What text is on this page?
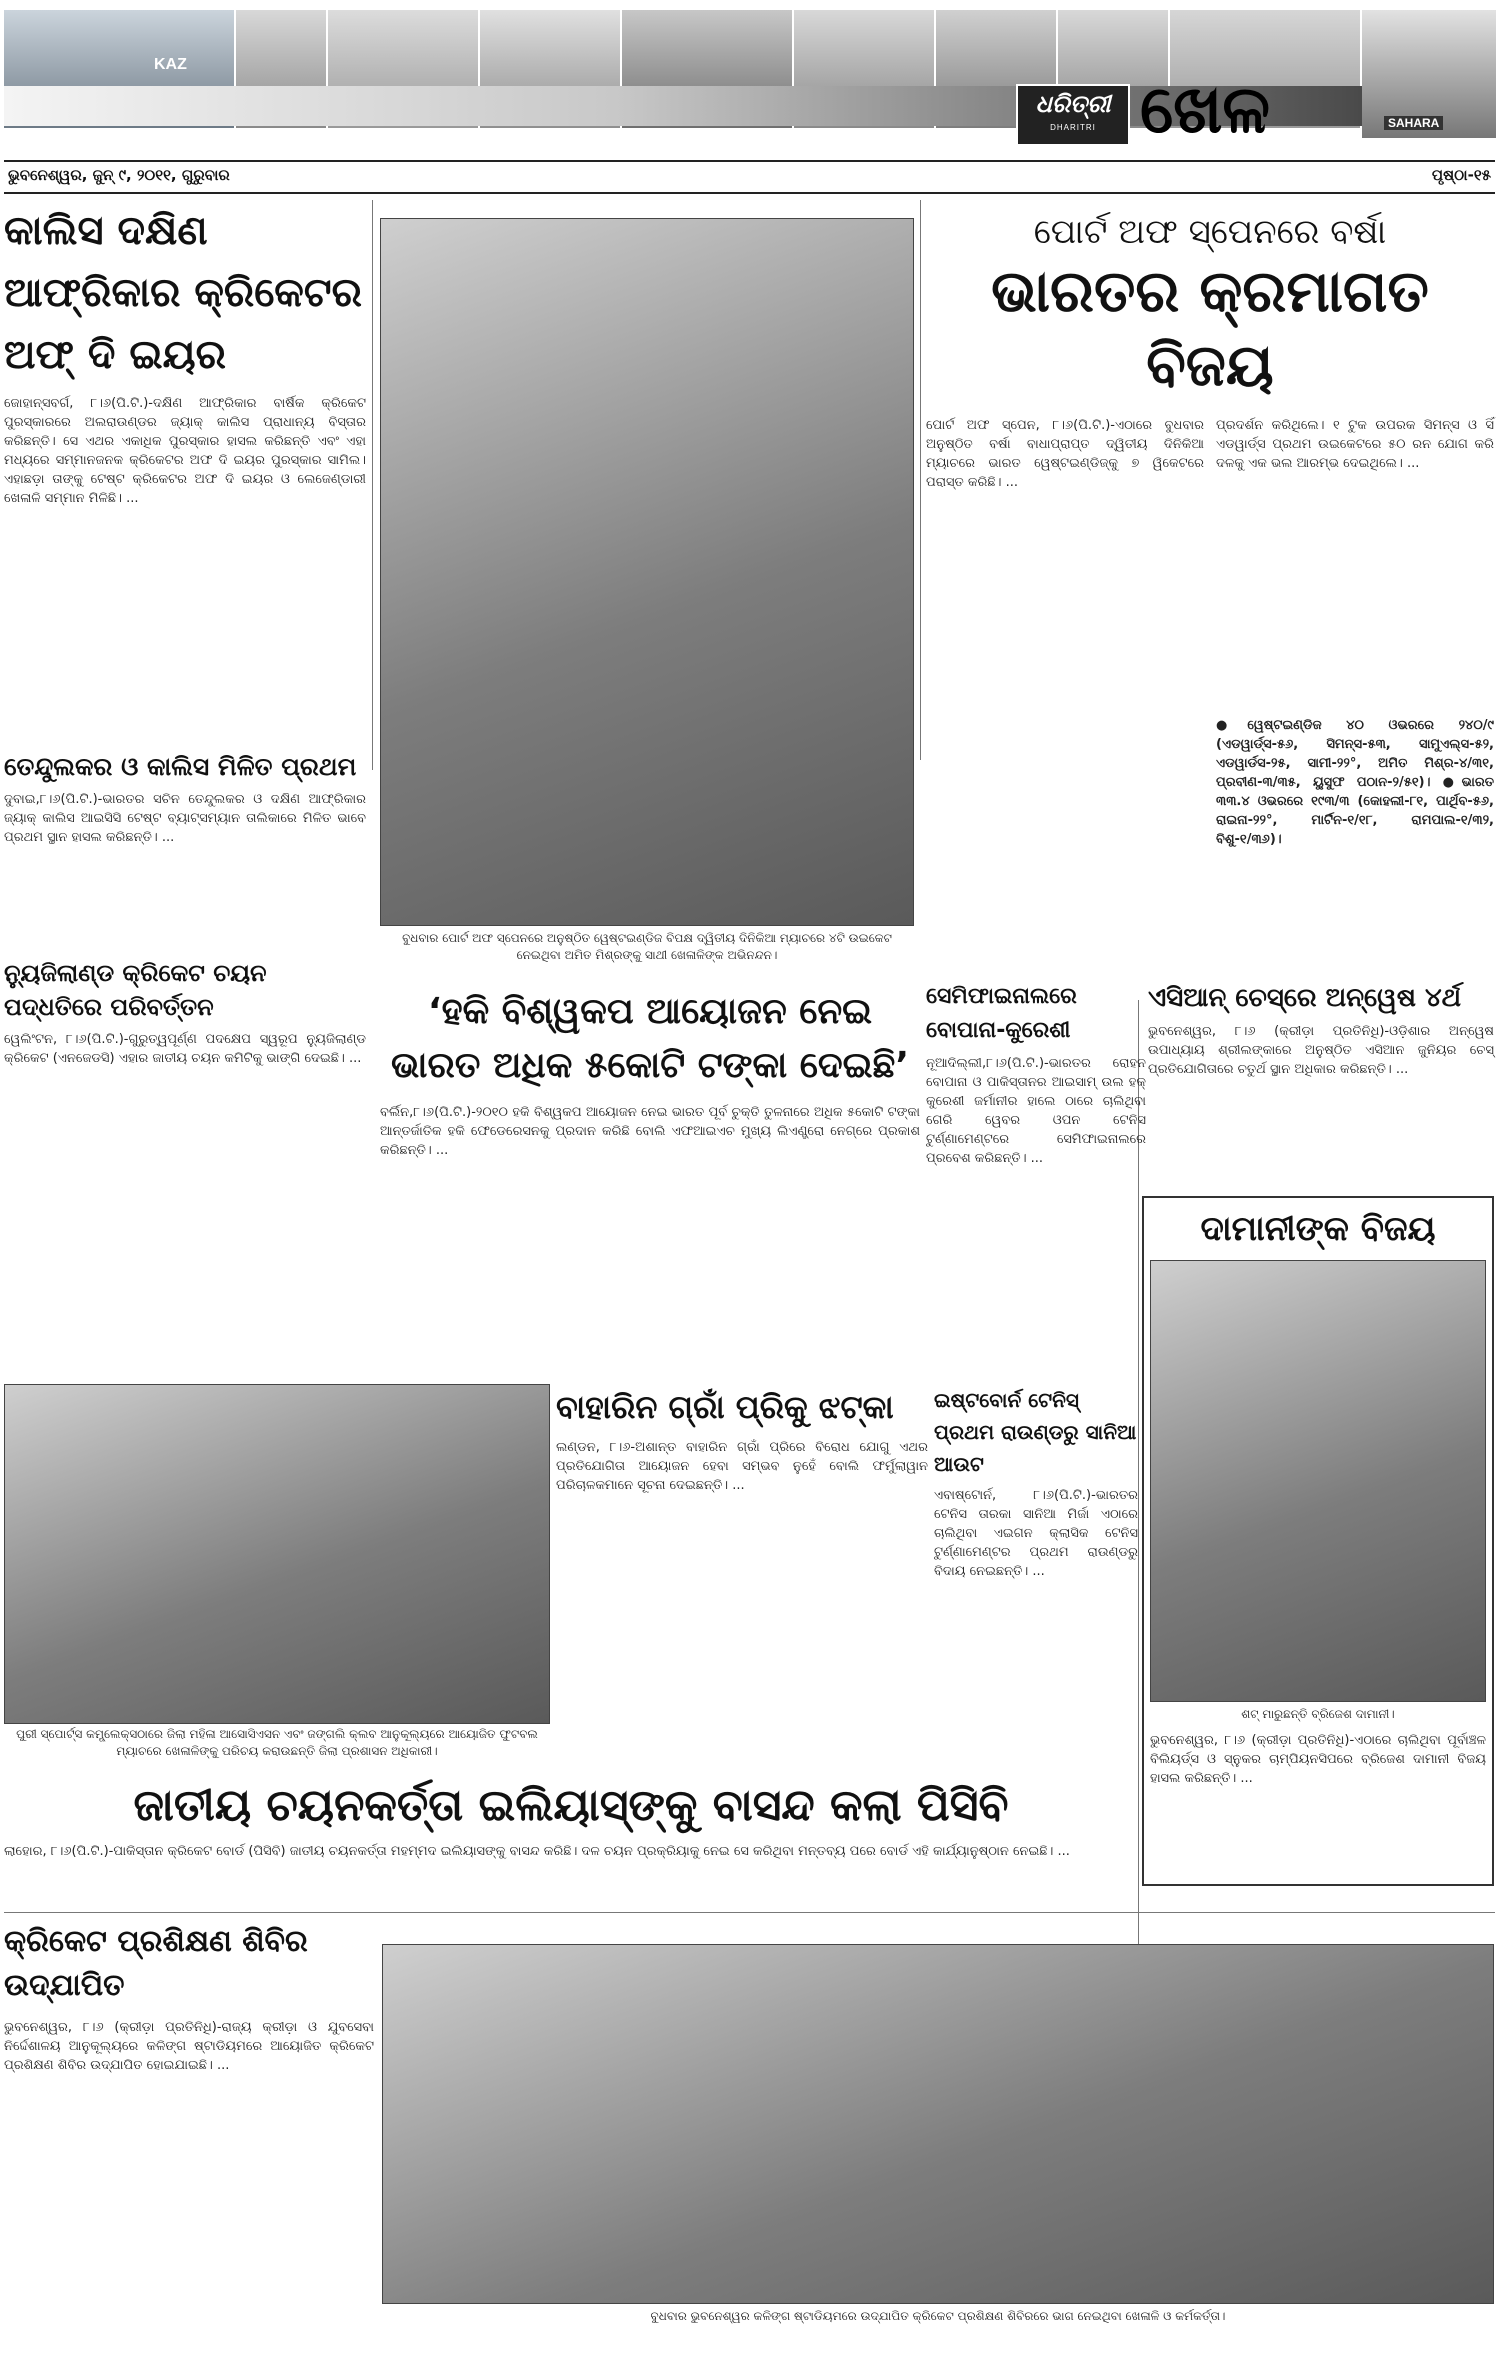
KAZ
SAHARA
ଧରିତ୍ରୀ
DHARITRI ଖେଳ
ଭୁବନେଶ୍ୱର, ଜୁନ୍ ୯, ୨୦୧୧, ଗୁରୁବାର	ପୃଷ୍ଠା-୧୫
କାଲିସ ଦକ୍ଷିଣ ଆଫ୍ରିକାର କ୍ରିକେଟର ଅଫ୍ ଦି ଇୟର
ଜୋହାନ୍ସବର୍ଗ, ୮।୬(ପି.ଟି.)-ଦକ୍ଷିଣ ଆଫ୍ରିକାର ବାର୍ଷିକ କ୍ରିକେଟ ପୁରସ୍କାରରେ ଅଲରାଉଣ୍ଡର ଜ୍ୟାକ୍ କାଲିସ ପ୍ରାଧାନ୍ୟ ବିସ୍ତାର କରିଛନ୍ତି। ସେ ଏଥର ଏକାଧିକ ପୁରସ୍କାର ହାସଲ କରିଛନ୍ତି ଏବଂ ଏହା ମଧ୍ୟରେ ସମ୍ମାନଜନକ କ୍ରିକେଟର ଅଫ ଦି ଇୟର ପୁରସ୍କାର ସାମିଲ। ଏହାଛଡ଼ା ତାଙ୍କୁ ଟେଷ୍ଟ କ୍ରିକେଟର ଅଫ ଦି ଇୟର ଓ ଲେଜେଣ୍ଡାରୀ ଖେଳାଳି ସମ୍ମାନ ମିଳିଛି। ...
ତେନ୍ଦୁଲକର ଓ କାଲିସ ମିଳିତ ପ୍ରଥମ
ଦୁବାଇ,୮।୬(ପି.ଟି.)-ଭାରତର ସଚିନ ତେନ୍ଦୁଲକର ଓ ଦକ୍ଷିଣ ଆଫ୍ରିକାର ଜ୍ୟାକ୍ କାଲିସ ଆଇସିସି ଟେଷ୍ଟ ବ୍ୟାଟ୍ସମ୍ୟାନ ତାଲିକାରେ ମିଳିତ ଭାବେ ପ୍ରଥମ ସ୍ଥାନ ହାସଲ କରିଛନ୍ତି। ...
ନ୍ୟୁଜିଲାଣ୍ଡ କ୍ରିକେଟ ଚୟନ ପଦ୍ଧତିରେ ପରିବର୍ତ୍ତନ
ୱେଲିଂଟନ, ୮।୬(ପି.ଟି.)-ଗୁରୁତ୍ୱପୂର୍ଣ୍ଣ ପଦକ୍ଷେପ ସ୍ୱରୂପ ନ୍ୟୁଜିଲାଣ୍ଡ କ୍ରିକେଟ (ଏନଜେଡସି) ଏହାର ଜାତୀୟ ଚୟନ କମିଟିକୁ ଭାଙ୍ଗି ଦେଇଛି। ...
ବୁଧବାର ପୋର୍ଟ ଅଫ ସ୍ପେନରେ ଅନୁଷ୍ଠିତ ୱେଷ୍ଟଇଣ୍ଡିଜ ବିପକ୍ଷ ଦ୍ୱିତୀୟ ଦିନିକିଆ ମ୍ୟାଚରେ ୪ଟି ଉଇକେଟ ନେଇଥିବା ଅମିତ ମିଶ୍ରଙ୍କୁ ସାଥୀ ଖେଳାଳିଙ୍କ ଅଭିନନ୍ଦନ।
ପୋର୍ଟ ଅଫ ସ୍ପେନରେ ବର୍ଷା
ଭାରତର କ୍ରମାଗତ ବିଜୟ
ପୋର୍ଟ ଅଫ ସ୍ପେନ, ୮।୬(ପି.ଟି.)-ଏଠାରେ ବୁଧବାର ଅନୁଷ୍ଠିତ ବର୍ଷା ବାଧାପ୍ରାପ୍ତ ଦ୍ୱିତୀୟ ଦିନିକିଆ ମ୍ୟାଚରେ ଭାରତ ୱେଷ୍ଟଇଣ୍ଡିଜ୍‌କୁ ୭ ୱିକେଟରେ ପରାସ୍ତ କରିଛି। ...
ପ୍ରଦର୍ଶନ କରିଥିଲେ। ୧ ଟୁକ ଉପରକ ସିମନ୍ସ ଓ ସିଁ ଏଡୱାର୍ଡ୍‌ସ ପ୍ରଥମ ଉଇକେଟରେ ୫୦ ରନ ଯୋଗ କରି ଦଳକୁ ଏକ ଭଲ ଆରମ୍ଭ ଦେଇଥିଲେ। ...
●ୱେଷ୍ଟଇଣ୍ଡିଜ ୪୦ ଓଭରରେ ୨୪୦/୯ (ଏଡୱାର୍ଡ୍‌ସ-୫୬, ସିମନ୍ସ-୫୩, ସାମୁଏଲ୍ସ-୫୨, ଏଡୱାର୍ଡସ-୨୫, ସାମୀ-୨୨°, ଅମିତ ମିଶ୍ର-୪/୩୧, ପ୍ରବୀଣ-୩/୩୫, ୟୁସୁଫ ପଠାନ-୨/୫୧)। ●ଭାରତ ୩୩.୪ ଓଭରରେ ୧୯୩/୩ (କୋହଲୀ-୮୧, ପାର୍ଥିବ-୫୬, ରାଇନା-୨୨°, ମାର୍ଟିନ-୧/୧୮, ରାମପାଲ-୧/୩୨, ବିଶୁ-୧/୩୬)।
ସେମିଫାଇନାଲରେ ବୋପାନା-କୁରେଶୀ
ନୂଆଦିଲ୍ଲୀ,୮।୬(ପି.ଟି.)-ଭାରତର ରୋହନ ବୋପାନା ଓ ପାକିସ୍ତାନର ଆଇସାମ୍ ଉଲ ହକ୍ କୁରେଶୀ ଜର୍ମାନୀର ହାଲେ ଠାରେ ଚାଲିଥିବା ଗେରି ୱେବର ଓପନ ଟେନିସ ଟୁର୍ଣ୍ଣାମେଣ୍ଟରେ ସେମିଫାଇନାଲରେ ପ୍ରବେଶ କରିଛନ୍ତି। ...
ଏସିଆନ୍ ଚେସ୍‌ରେ ଅନ୍ୱେଷ ୪ର୍ଥ
ଭୁବନେଶ୍ୱର, ୮।୬ (କ୍ରୀଡ଼ା ପ୍ରତିନିଧି)-ଓଡ଼ିଶାର ଅନ୍ୱେଷ ଉପାଧ୍ୟାୟ ଶ୍ରୀଲଙ୍କାରେ ଅନୁଷ୍ଠିତ ଏସିଆନ ଜୁନିୟର ଚେସ୍ ପ୍ରତିଯୋଗିତାରେ ଚତୁର୍ଥ ସ୍ଥାନ ଅଧିକାର କରିଛନ୍ତି। ...
‘ହକି ବିଶ୍ୱକପ ଆୟୋଜନ ନେଇ ଭାରତ ଅଧିକ ୫କୋଟି ଟଙ୍କା ଦେଇଛି’
ବର୍ଲିନ,୮।୬(ପି.ଟି.)-୨୦୧୦ ହକି ବିଶ୍ୱକପ ଆୟୋଜନ ନେଇ ଭାରତ ପୂର୍ବ ଚୁକ୍ତି ତୁଳନାରେ ଅଧିକ ୫କୋଟି ଟଙ୍କା ଆନ୍ତର୍ଜାତିକ ହକି ଫେଡେରେସନକୁ ପ୍ରଦାନ କରିଛି ବୋଲି ଏଫଆଇଏଚ ମୁଖ୍ୟ ଲିଏଣ୍ଡ୍ରୋ ନେଗ୍ରେ ପ୍ରକାଶ କରିଛନ୍ତି। ...
ପୁରୀ ସ୍ପୋର୍ଟ୍ସ କମ୍ପ୍ଲେକ୍ସଠାରେ ଜିଲା ମହିଳା ଆସୋସିଏସନ ଏବଂ ଜଙ୍ଗଲି କ୍ଲବ ଆନୁକୂଲ୍ୟରେ ଆୟୋଜିତ ଫୁଟବଲ ମ୍ୟାଚରେ ଖେଳାଳିଙ୍କୁ ପରିଚୟ କରାଉଛନ୍ତି ଜିଲା ପ୍ରଶାସନ ଅଧିକାରୀ।
ବାହାରିନ ଗ୍ରାଁ ପ୍ରିକୁ ଝଟ୍‌କା
ଲଣ୍ଡନ, ୮।୬-ଅଶାନ୍ତ ବାହାରିନ ଗ୍ରାଁ ପ୍ରିରେ ବିରୋଧ ଯୋଗୁ ଏଥର ପ୍ରତିଯୋଗିତା ଆୟୋଜନ ହେବା ସମ୍ଭବ ନୁହେଁ ବୋଲି ଫର୍ମୁଲାୱାନ ପରିଚାଳକମାନେ ସୂଚନା ଦେଇଛନ୍ତି। ...
ଇଷ୍ଟବୋର୍ନ ଟେନିସ୍ ପ୍ରଥମ ରାଉଣ୍ଡରୁ ସାନିଆ ଆଉଟ
ଏବାଷ୍ଟୋର୍ନ, ୮।୬(ପି.ଟି.)-ଭାରତର ଟେନିସ ତାରକା ସାନିଆ ମିର୍ଜା ଏଠାରେ ଚାଲିଥିବା ଏଇଗନ କ୍ଲାସିକ ଟେନିସ ଟୁର୍ଣ୍ଣାମେଣ୍ଟର ପ୍ରଥମ ରାଉଣ୍ଡରୁ ବିଦାୟ ନେଇଛନ୍ତି। ...
ଦାମାନୀଙ୍କ ବିଜୟ
ଶଟ୍ ମାରୁଛନ୍ତି ବ୍ରିଜେଶ ଦାମାନୀ।
ଭୁବନେଶ୍ୱର, ୮।୬ (କ୍ରୀଡ଼ା ପ୍ରତିନିଧି)-ଏଠାରେ ଚାଲିଥିବା ପୂର୍ବାଞ୍ଚଳ ବିଲିୟର୍ଡ୍ସ ଓ ସ୍ନୁକର ଚାମ୍ପିୟନସିପରେ ବ୍ରିଜେଶ ଦାମାନୀ ବିଜୟ ହାସଲ କରିଛନ୍ତି। ...
ଜାତୀୟ ଚୟନକର୍ତ୍ତା ଇଲିୟାସ୍‌ଙ୍କୁ ବାସନ୍ଦ କଲା ପିସିବି
ଲାହୋର, ୮।୬(ପି.ଟି.)-ପାକିସ୍ତାନ କ୍ରିକେଟ ବୋର୍ଡ (ପିସିବି) ଜାତୀୟ ଚୟନକର୍ତ୍ତା ମହମ୍ମଦ ଇଲିୟାସଙ୍କୁ ବାସନ୍ଦ କରିଛି। ଦଳ ଚୟନ ପ୍ରକ୍ରିୟାକୁ ନେଇ ସେ କରିଥିବା ମନ୍ତବ୍ୟ ପରେ ବୋର୍ଡ ଏହି କାର୍ଯ୍ୟାନୁଷ୍ଠାନ ନେଇଛି। ...
କ୍ରିକେଟ ପ୍ରଶିକ୍ଷଣ ଶିବିର ଉଦ୍‌ଯାପିତ
ଭୁବନେଶ୍ୱର, ୮।୬ (କ୍ରୀଡ଼ା ପ୍ରତିନିଧି)-ରାଜ୍ୟ କ୍ରୀଡ଼ା ଓ ଯୁବସେବା ନିର୍ଦ୍ଦେଶାଳୟ ଆନୁକୂଲ୍ୟରେ କଳିଙ୍ଗ ଷ୍ଟାଡିୟମରେ ଆୟୋଜିତ କ୍ରିକେଟ ପ୍ରଶିକ୍ଷଣ ଶିବିର ଉଦ୍‌ଯାପିତ ହୋଇଯାଇଛି। ...
ବୁଧବାର ଭୁବନେଶ୍ୱର କଳିଙ୍ଗ ଷ୍ଟାଡିୟମରେ ଉଦ୍‌ଯାପିତ କ୍ରିକେଟ ପ୍ରଶିକ୍ଷଣ ଶିବିରରେ ଭାଗ ନେଇଥିବା ଖେଳାଳି ଓ କର୍ମକର୍ତ୍ତା।
